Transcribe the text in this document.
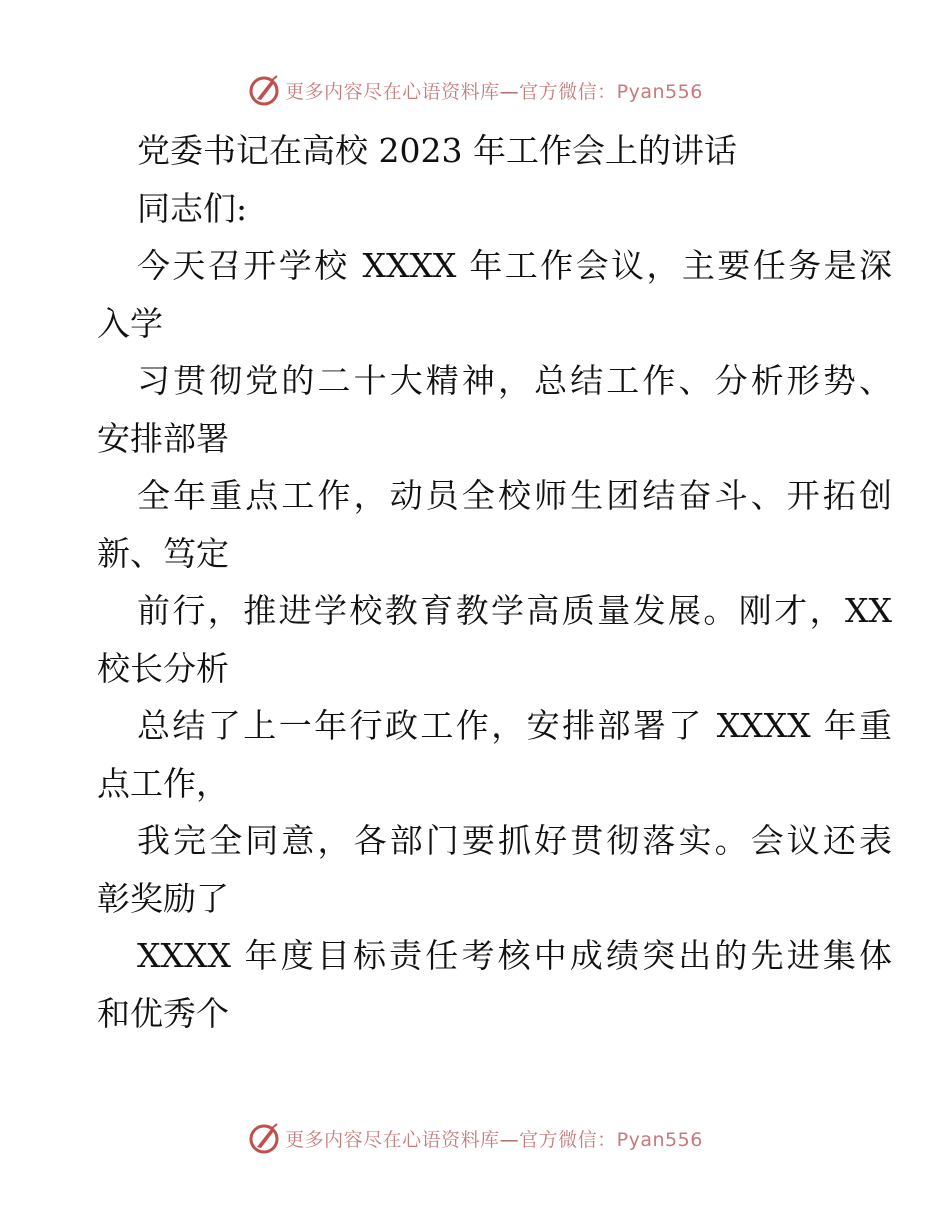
更多内容尽在心语资料库—官方微信：Pyan556
党委书记在高校 2023 年工作会上的讲话
同志们:
今天召开学校 XXXX 年工作会议，主要任务是深
入学
习贯彻党的二十大精神，总结工作、分析形势、
安排部署
全年重点工作，动员全校师生团结奋斗、开拓创
新、笃定
前行，推进学校教育教学高质量发展。刚才，XX
校长分析
总结了上一年行政工作，安排部署了 XXXX 年重
点工作，
我完全同意，各部门要抓好贯彻落实。会议还表
彰奖励了
XXXX 年度目标责任考核中成绩突出的先进集体
和优秀个
更多内容尽在心语资料库—官方微信：Pyan556
